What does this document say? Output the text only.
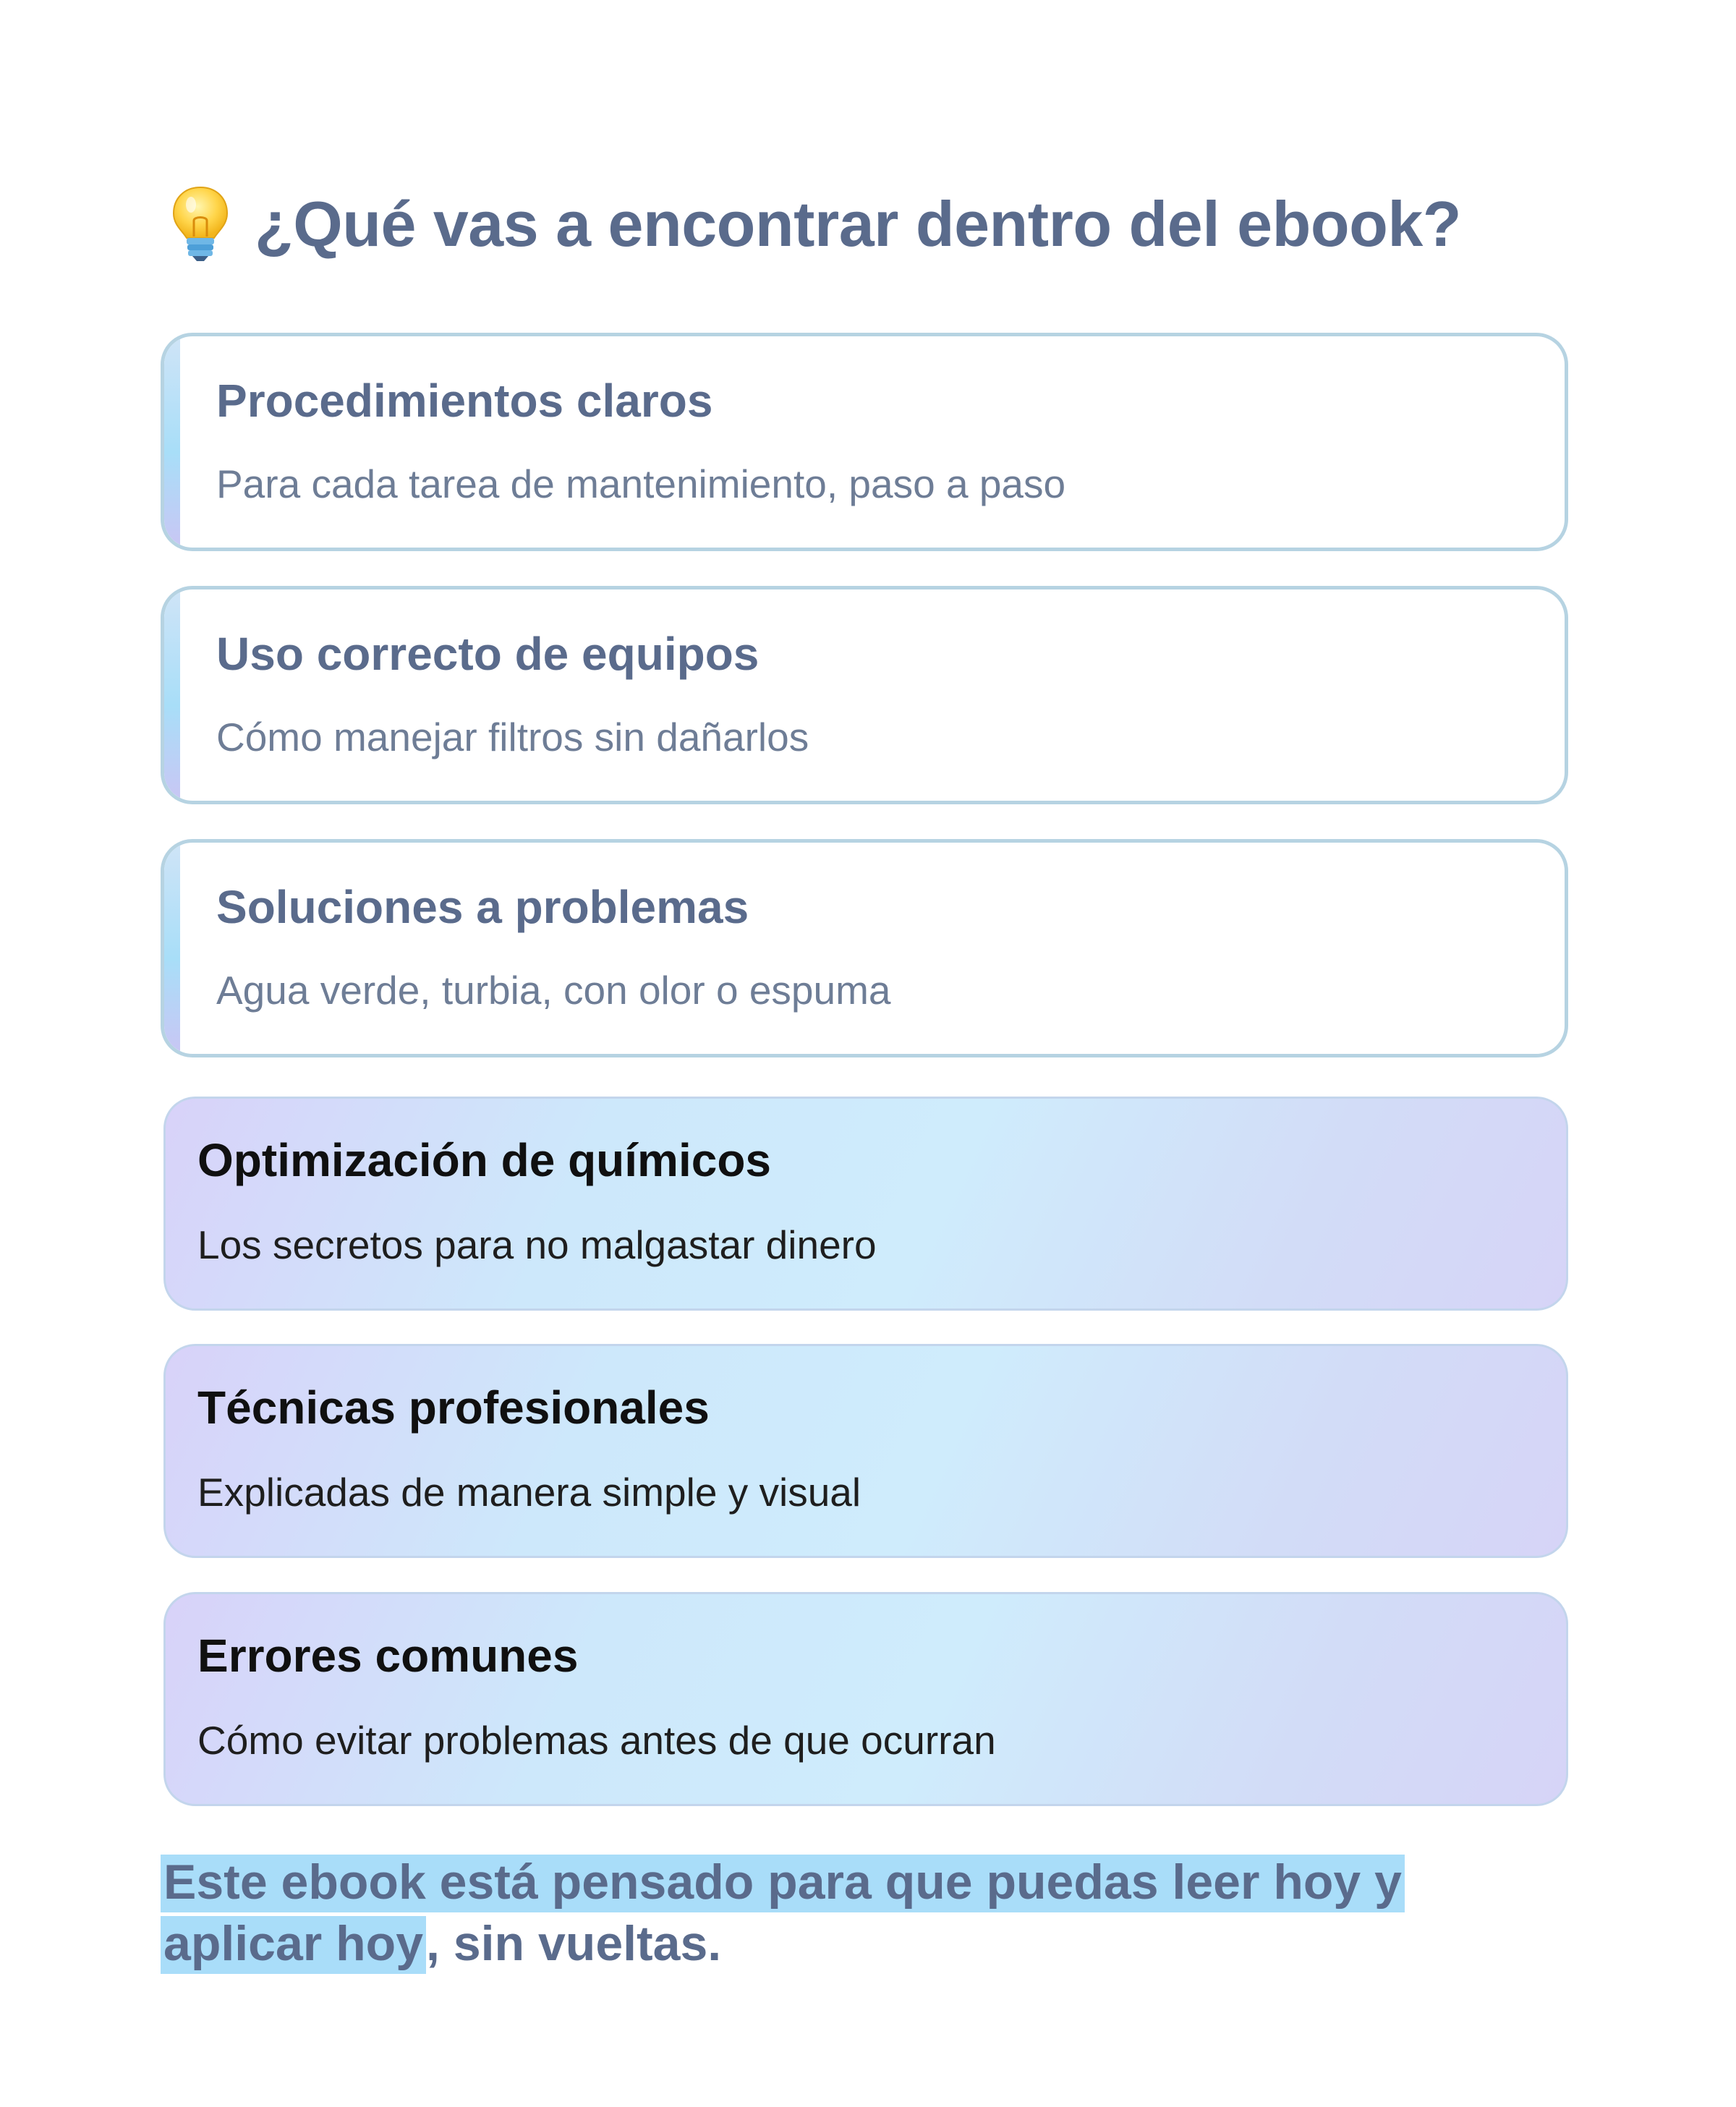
¿Qué vas a encontrar dentro del ebook?
Procedimientos claros
Para cada tarea de mantenimiento, paso a paso
Uso correcto de equipos
Cómo manejar filtros sin dañarlos
Soluciones a problemas
Agua verde, turbia, con olor o espuma
Optimización de químicos
Los secretos para no malgastar dinero
Técnicas profesionales
Explicadas de manera simple y visual
Errores comunes
Cómo evitar problemas antes de que ocurran
Este ebook está pensado para que puedas leer hoy y
aplicar hoy, sin vueltas.
